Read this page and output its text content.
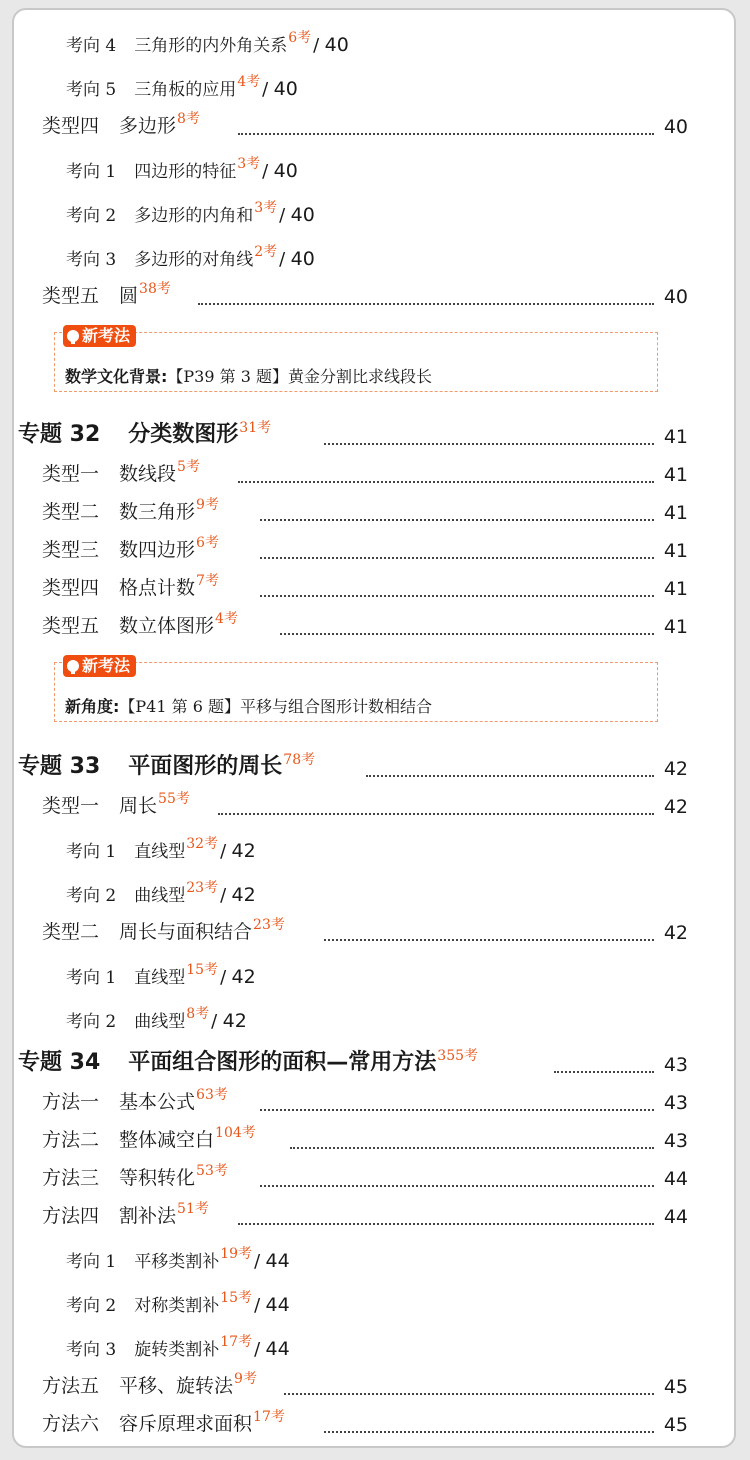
考向 4 三角形的内外角关系$^{6考}$ / 40
考向 5 三角板的应用$^{4考}$ / 40
类型四 多边形$^{8考}$	40
考向 1 四边形的特征$^{3考}$ / 40
考向 2 多边形的内角和$^{3考}$ / 40
考向 3 多边形的对角线$^{2考}$ / 40
类型五 圆$^{38考}$	40
新考法
数学文化背景:【P39 第 3 题】黄金分割比求线段长
专题 32 分类数图形$^{31考}$	41
类型一 数线段$^{5考}$	41
类型二 数三角形$^{9考}$	41
类型三 数四边形$^{6考}$	41
类型四 格点计数$^{7考}$	41
类型五 数立体图形$^{4考}$	41
新考法
新角度:【P41 第 6 题】平移与组合图形计数相结合
专题 33 平面图形的周长$^{78考}$	42
类型一 周长$^{55考}$	42
考向 1 直线型$^{32考}$ / 42
考向 2 曲线型$^{23考}$ / 42
类型二 周长与面积结合$^{23考}$	42
考向 1 直线型$^{15考}$ / 42
考向 2 曲线型$^{8考}$ / 42
专题 34 平面组合图形的面积—常用方法$^{355考}$	43
方法一 基本公式$^{63考}$	43
方法二 整体减空白$^{104考}$	43
方法三 等积转化$^{53考}$	44
方法四 割补法$^{51考}$	44
考向 1 平移类割补$^{19考}$ / 44
考向 2 对称类割补$^{15考}$ / 44
考向 3 旋转类割补$^{17考}$ / 44
方法五 平移、旋转法$^{9考}$	45
方法六 容斥原理求面积$^{17考}$	45
